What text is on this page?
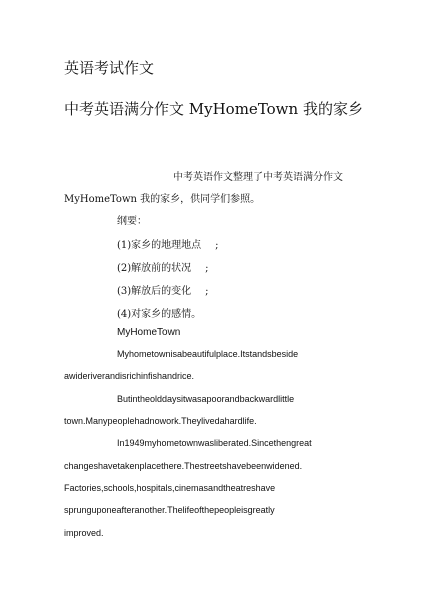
英语考试作文
中考英语满分作文 MyHomeTown 我的家乡
中考英语作文整理了中考英语满分作文
MyHomeTown 我的家乡，供同学们参照。
纲要：
(1)家乡的地理地点 ;
(2)解放前的状况 ;
(3)解放后的变化 ;
(4)对家乡的感情。
MyHomeTown
Myhometownisabeautifulplace.Itstandsbeside
awideriverandisrichinfishandrice.
Butintheolddaysitwasapoorandbackwardlittle
town.Manypeoplehadnowork.Theylivedahardlife.
In1949myhometownwasliberated.Sincethengreat
changeshavetakenplacethere.Thestreetshavebeenwidened.
Factories,schools,hospitals,cinemasandtheatreshave
sprunguponeafteranother.Thelifeofthepeopleisgreatly
improved.
